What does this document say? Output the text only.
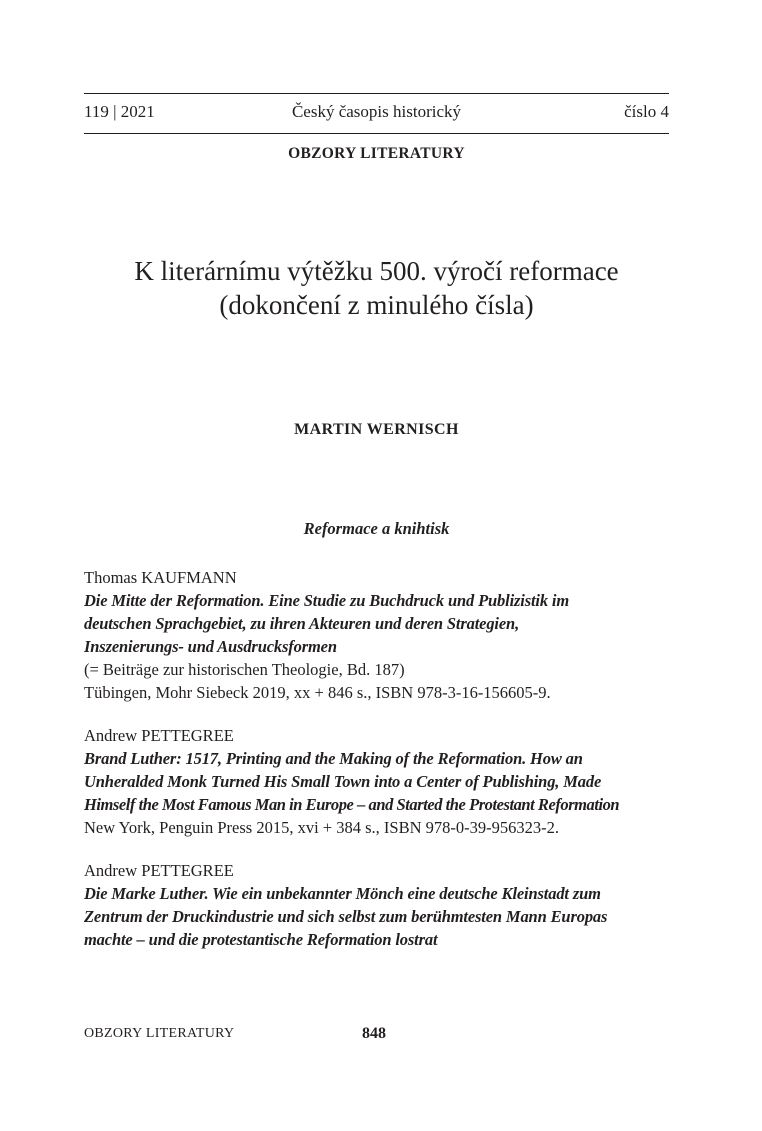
119 | 2021	Český časopis historický	číslo 4
OBZORY LITERATURY
K literárnímu výtěžku 500. výročí reformace
(dokončení z minulého čísla)
MARTIN WERNISCH
Reformace a knihtisk
Thomas KAUFMANN
Die Mitte der Reformation. Eine Studie zu Buchdruck und Publizistik im
deutschen Sprachgebiet, zu ihren Akteuren und deren Strategien,
Inszenierungs- und Ausdrucksformen
(= Beiträge zur historischen Theologie, Bd. 187)
Tübingen, Mohr Siebeck 2019, xx + 846 s., ISBN 978-3-16-156605-9.
Andrew PETTEGREE
Brand Luther: 1517, Printing and the Making of the Reformation. How an
Unheralded Monk Turned His Small Town into a Center of Publishing, Made
Himself the Most Famous Man in Europe – and Started the Protestant Reformation
New York, Penguin Press 2015, xvi + 384 s., ISBN 978-0-39-956323-2.
Andrew PETTEGREE
Die Marke Luther. Wie ein unbekannter Mönch eine deutsche Kleinstadt zum
Zentrum der Druckindustrie und sich selbst zum berühmtesten Mann Europas
machte – und die protestantische Reformation lostrat
OBZORY LITERATURY	848
